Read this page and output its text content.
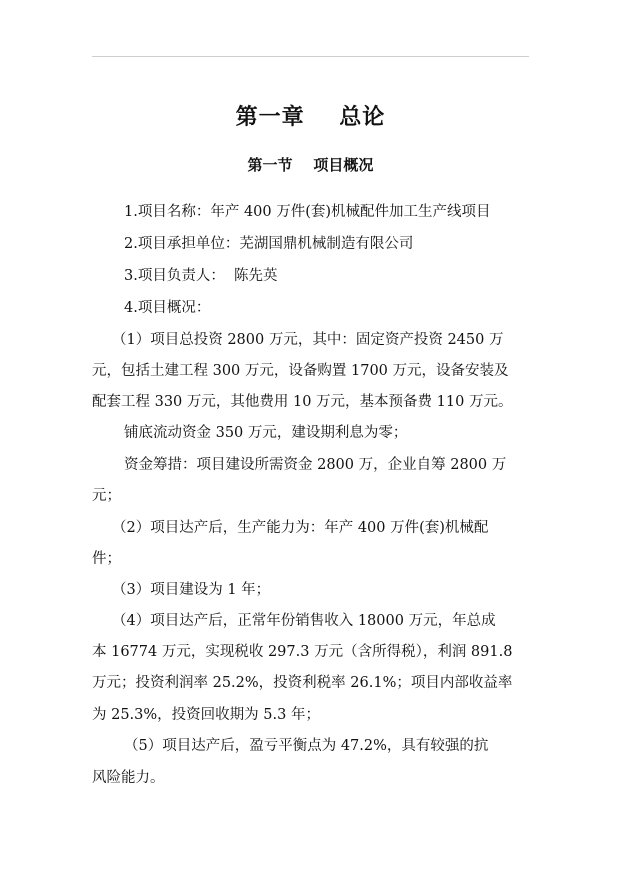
第一章    总论
第一节    项目概况
1.项目名称：年产 400 万件(套)机械配件加工生产线项目
2.项目承担单位：芜湖国鼎机械制造有限公司
3.项目负责人：  陈先英
4.项目概况：
（1）项目总投资 2800 万元，其中：固定资产投资 2450 万
元，包括土建工程 300 万元，设备购置 1700 万元，设备安装及
配套工程 330 万元，其他费用 10 万元，基本预备费 110 万元。
铺底流动资金 350 万元，建设期利息为零；
资金筹措：项目建设所需资金 2800 万，企业自筹 2800 万
元；
（2）项目达产后，生产能力为：年产 400 万件(套)机械配
件；
（3）项目建设为 1 年；
（4）项目达产后，正常年份销售收入 18000 万元，年总成
本 16774 万元，实现税收 297.3 万元（含所得税），利润 891.8
万元；投资利润率 25.2%，投资利税率 26.1%；项目内部收益率
为 25.3%，投资回收期为 5.3 年；
（5）项目达产后，盈亏平衡点为 47.2%，具有较强的抗
风险能力。
